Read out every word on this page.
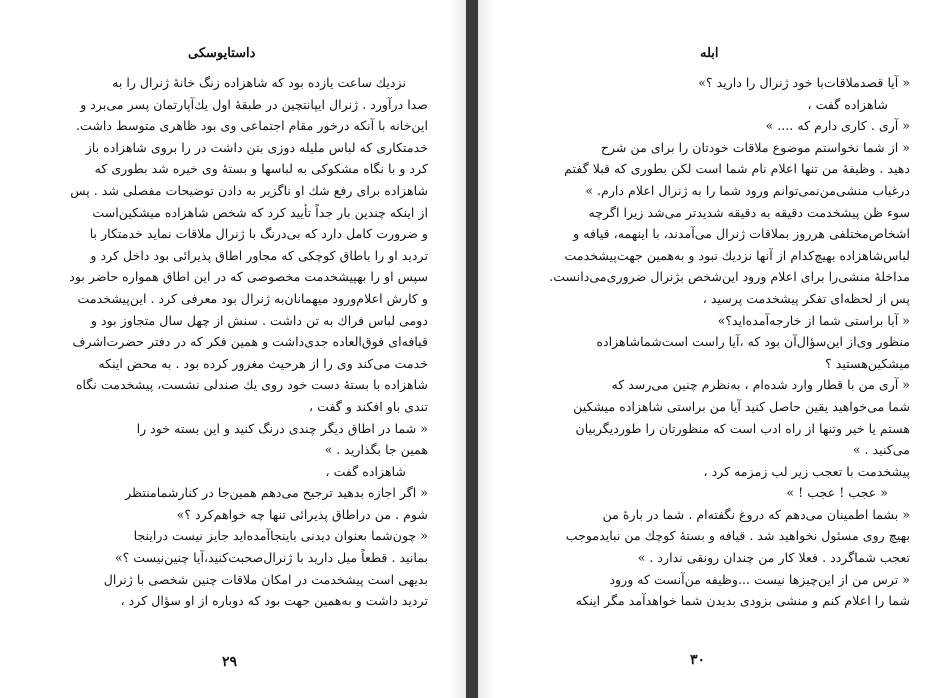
داستایوسکی
نزدیك ساعت یازده بود كه شاهزاده زنگ خانهٔ ژنرال را به
صدا درآورد . ژنرال ایپانتچین در طبقهٔ اول یك‌آپارتمان پسر می‌برد و
این‌خانه با آنکه درخور مقام اجتماعی وی بود ظاهری متوسط داشت.
خدمتکاری که لباس ملیله دوزی بتن داشت در را بروی شاهزاده باز
کرد و با نگاه مشکوکی به لباسها و بستهٔ وی خیره شد بطوری که
شاهزاده برای رفع شك او ناگزیر به دادن توضیحات مفصلی شد . پس
از اینکه چندین بار جداً تأیید کرد که شخص شاهزاده میشکین‌است
و ضرورت کامل دارد که بی‌درنگ با ژنرال ملاقات نماید خدمتکار با
تردید او را باطاق کوچکی که مجاور اطاق پذیرائی بود داخل کرد و
سپس او را بهپیشخدمت مخصوصی که در این اطاق همواره حاضر بود
و کارش اعلام‌ورود میهمانان‌به ژنرال بود معرفی کرد . این‌پیشخدمت
دومی لباس فراك به تن داشت . سنش از چهل سال متجاوز بود و
قیافه‌ای فوق‌العاده جدی‌داشت و همین فکر که در دفتر حضرت‌اشرف
خدمت می‌کند وی را از هرحیث مغرور کرده بود . به محض اینکه
شاهزاده با بستهٔ دست خود روی یك صندلی نشست، پیشخدمت نگاه
تندی باو افکند و گفت ،
« شما در اطاق دیگر چندی درنگ کنید و این بسته خود را
همین جا بگذارید . »
شاهزاده گفت ،
« اگر اجازه بدهید ترجیح می‌دهم همین‌جا در کنارشمامنتظر
شوم . من دراطاق پذیرائی تنها چه خواهم‌کرد ؟»
« چون‌شما بعنوان دیدنی باینجاآمده‌اید جایز نیست دراینجا
بمانید . قطعاً میل دارید با ژنرال‌صحبت‌کنید،آیا چنین‌نیست ؟»
بدیهی است پیشخدمت در امکان ملاقات چنین شخصی با ژنرال
تردید داشت و به‌همین جهت بود که دوباره از او سؤال کرد ،
۲۹
ابله
« آیا قصدملاقات‌با خود ژنرال را دارید ؟»
شاهزاده گفت ،
« آری . کاری دارم که .... »
« از شما نخواستم موضوع ملاقات خودتان را برای من شرح
دهید . وظیفهٔ من تنها اعلام نام شما است لکن بطوری که قبلا گفتم
درغیاب منشی‌من‌نمی‌توانم ورود شما را به ژنرال اعلام دارم. »
سوء ظن پیشخدمت دقیقه به دقیقه شدیدتر می‌شد زیرا اگرچه
اشخاص‌مختلفی هرروز بملاقات ژنرال می‌آمدند، با اینهمه، قیافه و
لباس‌شاهزاده بهیچ‌کدام از آنها نزدیك نبود و به‌همین جهت‌پیشخدمت
مداخلهٔ منشی‌را برای اعلام ورود این‌شخص بژنرال ضروری‌می‌دانست.
پس از لحظه‌ای تفکر پیشخدمت پرسید ،
« آیا براستی شما از خارجه‌آمده‌اید؟»
منظور وی‌از این‌سؤال‌آن بود که ،آیا راست است‌شما‌شاهزاده
میشکین‌هستید ؟
« آری من با قطار وارد شده‌ام ، به‌نظرم چنین می‌رسد که
شما می‌خواهید یقین حاصل کنید آیا من براستی شاهزاده میشکین
هستم یا خیر وتنها از راه ادب است که منظورتان را طوردیگربیان
می‌کنید . »
پیشخدمت با تعجب زیر لب زمزمه کرد ،
« عجب ! عجب ! »
« بشما اطمینان می‌دهم که دروغ نگفته‌ام . شما در بارهٔ من
بهیچ روی مسئول نخواهید شد . قیافه و بستهٔ کوچك من نبایدموجب
تعجب شماگردد . فعلا کار من چندان رونقی ندارد . »
« ترس من از این‌چیزها نیست ...وظیفه من‌آنست که ورود
شما را اعلام کنم و منشی بزودی بدیدن شما خواهدآمد مگر اینکه
۳۰
